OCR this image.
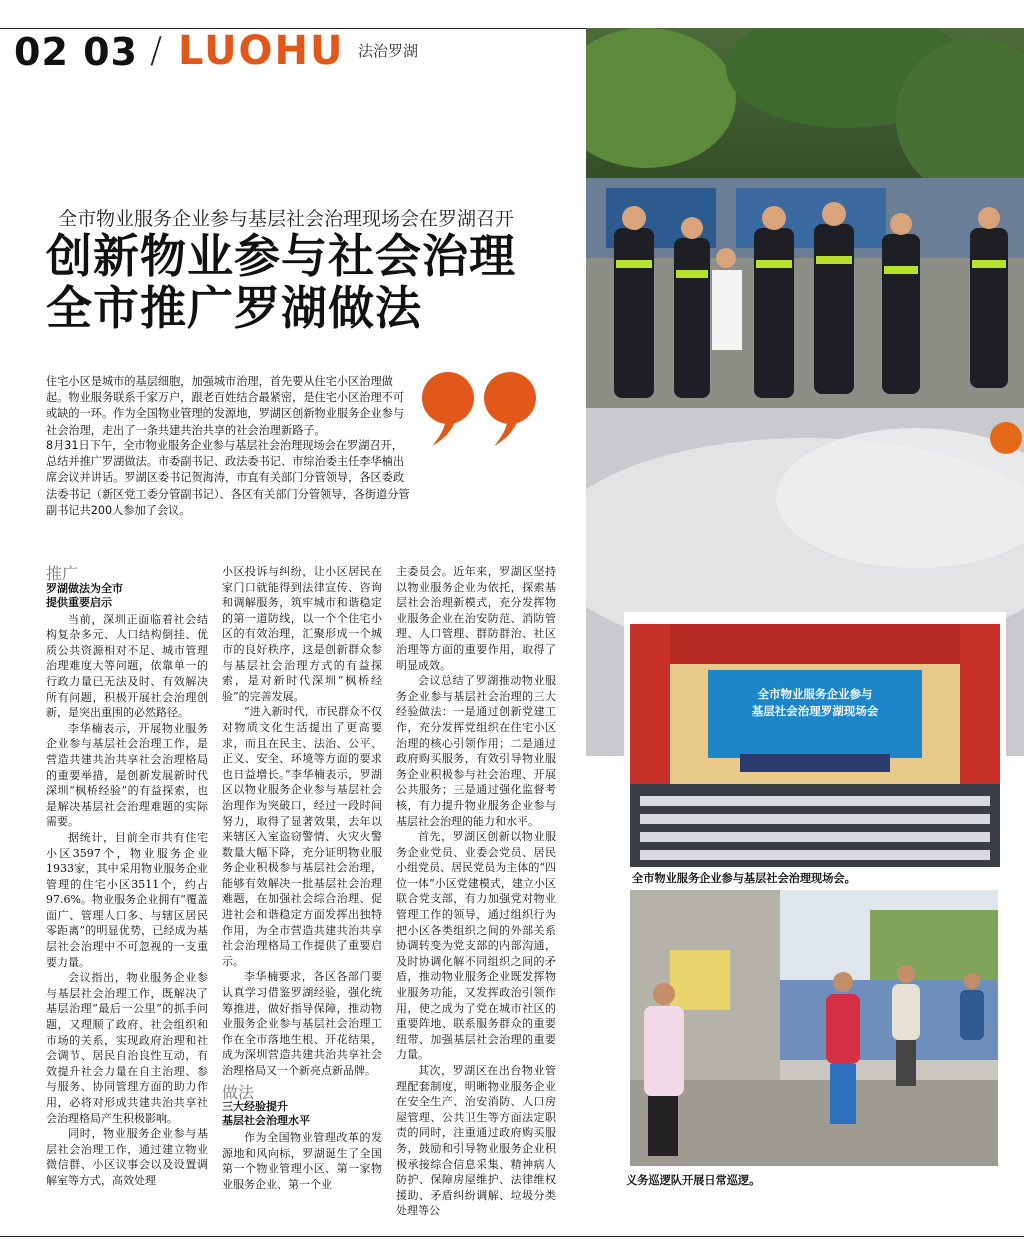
02 03 / LUOHU 法治罗湖
全市物业服务企业参与基层社会治理现场会在罗湖召开
创新物业参与社会治理
全市推广罗湖做法
住宅小区是城市的基层细胞，加强城市治理，首先要从住宅小区治理做起。物业服务联系千家万户，跟老百姓结合最紧密，是住宅小区治理不可或缺的一环。作为全国物业管理的发源地，罗湖区创新物业服务企业参与社会治理，走出了一条共建共治共享的社会治理新路子。
8月31日下午，全市物业服务企业参与基层社会治理现场会在罗湖召开，总结并推广罗湖做法。市委副书记、政法委书记、市综治委主任李华楠出席会议并讲话。罗湖区委书记贺海涛，市直有关部门分管领导，各区委政法委书记（新区党工委分管副书记）、各区有关部门分管领导，各街道分管副书记共200人参加了会议。
推广
罗湖做法为全市
提供重要启示

当前，深圳正面临着社会结构复杂多元、人口结构倒挂、优质公共资源相对不足、城市管理治理难度大等问题，依靠单一的行政力量已无法及时、有效解决所有问题，积极开展社会治理创新，是突出重围的必然路径。

李华楠表示，开展物业服务企业参与基层社会治理工作，是营造共建共治共享社会治理格局的重要举措，是创新发展新时代深圳“枫桥经验”的有益探索，也是解决基层社会治理难题的实际需要。

据统计，目前全市共有住宅小区3597个，物业服务企业1933家，其中采用物业服务企业管理的住宅小区3511个，约占97.6%。物业服务企业拥有“覆盖面广、管理人口多、与辖区居民零距离”的明显优势，已经成为基层社会治理中不可忽视的一支重要力量。

会议指出，物业服务企业参与基层社会治理工作，既解决了基层治理“最后一公里”的抓手问题，又理顺了政府、社会组织和市场的关系，实现政府治理和社会调节、居民自治良性互动，有效提升社会力量在自主治理、参与服务、协同管理方面的助力作用，必将对形成共建共治共享社会治理格局产生积极影响。

同时，物业服务企业参与基层社会治理工作，通过建立物业微信群、小区议事会以及设置调解室等方式，高效处理

小区投诉与纠纷，让小区居民在家门口就能得到法律宣传、咨询和调解服务，筑牢城市和谐稳定的第一道防线，以一个个住宅小区的有效治理，汇聚形成一个城市的良好秩序，这是创新群众参与基层社会治理方式的有益探索，是对新时代深圳“枫桥经验”的完善发展。

“进入新时代，市民群众不仅对物质文化生活提出了更高要求，而且在民主、法治、公平、正义、安全、环境等方面的要求也日益增长。”李华楠表示，罗湖区以物业服务企业参与基层社会治理作为突破口，经过一段时间努力，取得了显著效果，去年以来辖区入室盗窃警情、火灾火警数量大幅下降，充分证明物业服务企业积极参与基层社会治理，能够有效解决一批基层社会治理难题，在加强社会综合治理、促进社会和谐稳定方面发挥出独特作用，为全市营造共建共治共享社会治理格局工作提供了重要启示。

李华楠要求，各区各部门要认真学习借鉴罗湖经验，强化统筹推进，做好指导保障，推动物业服务企业参与基层社会治理工作在全市落地生根、开花结果，成为深圳营造共建共治共享社会治理格局又一个新亮点新品牌。

做法
三大经验提升
基层社会治理水平

作为全国物业管理改革的发源地和风向标，罗湖诞生了全国第一个物业管理小区、第一家物业服务企业、第一个业

主委员会。近年来，罗湖区坚持以物业服务企业为依托，探索基层社会治理新模式，充分发挥物业服务企业在治安防范、消防管理、人口管理、群防群治、社区治理等方面的重要作用，取得了明显成效。

会议总结了罗湖推动物业服务企业参与基层社会治理的三大经验做法：一是通过创新党建工作，充分发挥党组织在住宅小区治理的核心引领作用；二是通过政府购买服务，有效引导物业服务企业积极参与社会治理、开展公共服务；三是通过强化监督考核，有力提升物业服务企业参与基层社会治理的能力和水平。

首先，罗湖区创新以物业服务企业党员、业委会党员、居民小组党员、居民党员为主体的“四位一体”小区党建模式，建立小区联合党支部，有力加强党对物业管理工作的领导，通过组织行为把小区各类组织之间的外部关系协调转变为党支部的内部沟通，及时协调化解不同组织之间的矛盾，推动物业服务企业既发挥物业服务功能，又发挥政治引领作用，使之成为了党在城市社区的重要阵地、联系服务群众的重要纽带、加强基层社会治理的重要力量。

其次，罗湖区在出台物业管理配套制度，明晰物业服务企业在安全生产、治安消防、人口房屋管理、公共卫生等方面法定职责的同时，注重通过政府购买服务，鼓励和引导物业服务企业积极承接综合信息采集、精神病人防护、保障房屋维护、法律维权援助、矛盾纠纷调解、垃圾分类处理等公

全市物业服务企业参与
基层社会治理罗湖现场会
全市物业服务企业参与基层社会治理现场会。
义务巡逻队开展日常巡逻。
